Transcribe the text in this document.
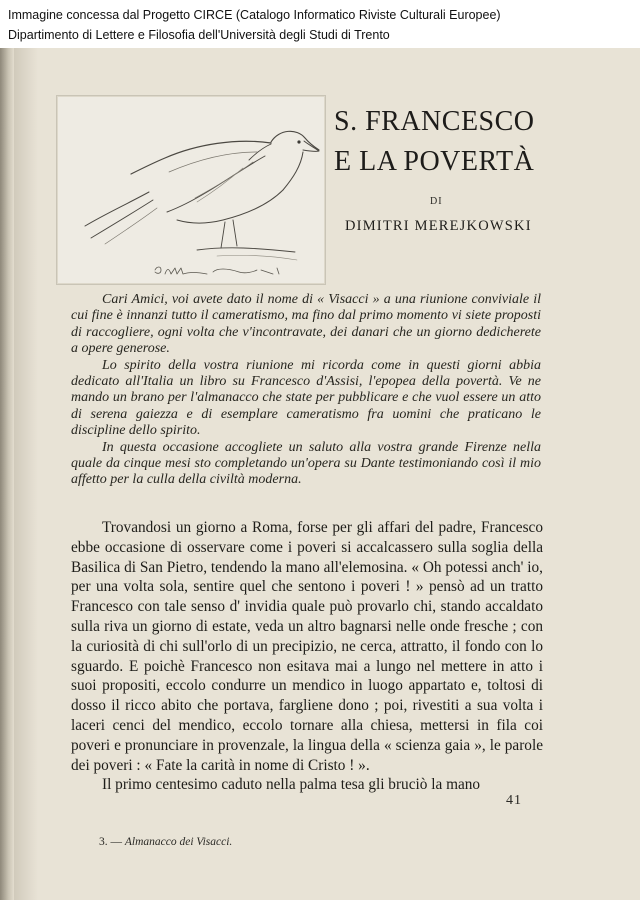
Immagine concessa dal Progetto CIRCE (Catalogo Informatico Riviste Culturali Europee)
Dipartimento di Lettere e Filosofia dell'Università degli Studi di Trento
S. FRANCESCO
E LA POVERTÀ
DI
DIMITRI MEREJKOWSKI

Cari Amici, voi avete dato il nome di « Visacci » a una riunione conviviale il cui fine è innanzi tutto il cameratismo, ma fino dal primo momento vi siete proposti di raccogliere, ogni volta che v'incontravate, dei danari che un giorno dedicherete a opere generose.

Lo spirito della vostra riunione mi ricorda come in questi giorni abbia dedicato all'Italia un libro su Francesco d'Assisi, l'epopea della povertà. Ve ne mando un brano per l'almanacco che state per pubblicare e che vuol essere un atto di serena gaiezza e di esemplare cameratismo fra uomini che praticano le discipline dello spirito.

In questa occasione accogliete un saluto alla vostra grande Firenze nella quale da cinque mesi sto completando un'opera su Dante testimoniando così il mio affetto per la culla della civiltà moderna.

Trovandosi un giorno a Roma, forse per gli affari del padre, Francesco ebbe occasione di osservare come i poveri si accalcassero sulla soglia della Basilica di San Pietro, tendendo la mano all'elemosina. « Oh potessi anch' io, per una volta sola, sentire quel che sentono i poveri ! » pensò ad un tratto Francesco con tale senso d' invidia quale può provarlo chi, stando accaldato sulla riva un giorno di estate, veda un altro bagnarsi nelle onde fresche ; con la curiosità di chi sull'orlo di un precipizio, ne cerca, attratto, il fondo con lo sguardo. E poichè Francesco non esitava mai a lungo nel mettere in atto i suoi propositi, eccolo condurre un mendico in luogo appartato e, toltosi di dosso il ricco abito che portava, fargliene dono ; poi, rivestiti a sua volta i laceri cenci del mendico, eccolo tornare alla chiesa, mettersi in fila coi poveri e pronunciare in provenzale, la lingua della « scienza gaia », le parole dei poveri : « Fate la carità in nome di Cristo ! ».

Il primo centesimo caduto nella palma tesa gli bruciò la mano

41
3. — Almanacco dei Visacci.
